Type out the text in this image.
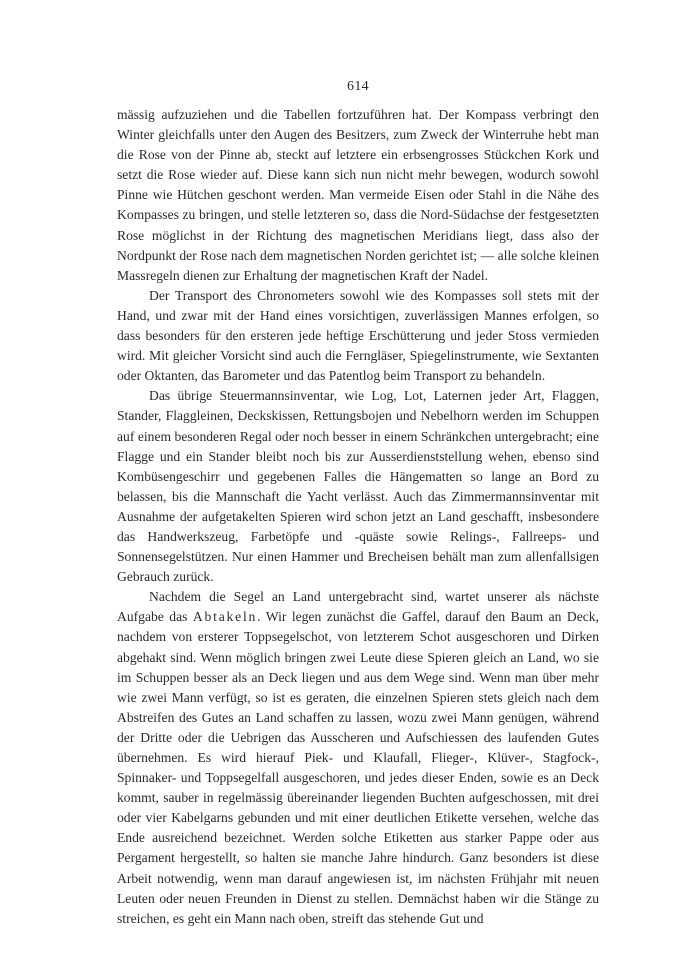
614

mässig aufzuziehen und die Tabellen fortzuführen hat. Der Kompass verbringt den Winter gleichfalls unter den Augen des Besitzers, zum Zweck der Winterruhe hebt man die Rose von der Pinne ab, steckt auf letztere ein erbsengrosses Stückchen Kork und setzt die Rose wieder auf. Diese kann sich nun nicht mehr bewegen, wodurch sowohl Pinne wie Hütchen geschont werden. Man vermeide Eisen oder Stahl in die Nähe des Kompasses zu bringen, und stelle letzteren so, dass die Nord-Südachse der festgesetzten Rose möglichst in der Richtung des magnetischen Meridians liegt, dass also der Nordpunkt der Rose nach dem magnetischen Norden gerichtet ist; — alle solche kleinen Massregeln dienen zur Erhaltung der magnetischen Kraft der Nadel.

Der Transport des Chronometers sowohl wie des Kompasses soll stets mit der Hand, und zwar mit der Hand eines vorsichtigen, zuverlässigen Mannes erfolgen, so dass besonders für den ersteren jede heftige Erschütterung und jeder Stoss vermieden wird. Mit gleicher Vorsicht sind auch die Ferngläser, Spiegelinstrumente, wie Sextanten oder Oktanten, das Barometer und das Patentlog beim Transport zu behandeln.

Das übrige Steuermannsinventar, wie Log, Lot, Laternen jeder Art, Flaggen, Stander, Flaggleinen, Deckskissen, Rettungsbojen und Nebelhorn werden im Schuppen auf einem besonderen Regal oder noch besser in einem Schränkchen untergebracht; eine Flagge und ein Stander bleibt noch bis zur Ausserdienststellung wehen, ebenso sind Kombüsengeschirr und gegebenen Falles die Hängematten so lange an Bord zu belassen, bis die Mannschaft die Yacht verlässt. Auch das Zimmermannsinventar mit Ausnahme der aufgetakelten Spieren wird schon jetzt an Land geschafft, insbesondere das Handwerkszeug, Farbetöpfe und -quäste sowie Relings-, Fallreeps- und Sonnensegelstützen. Nur einen Hammer und Brecheisen behält man zum allenfallsigen Gebrauch zurück.

Nachdem die Segel an Land untergebracht sind, wartet unserer als nächste Aufgabe das Abtakeln. Wir legen zunächst die Gaffel, darauf den Baum an Deck, nachdem von ersterer Toppsegelschot, von letzterem Schot ausgeschoren und Dirken abgehakt sind. Wenn möglich bringen zwei Leute diese Spieren gleich an Land, wo sie im Schuppen besser als an Deck liegen und aus dem Wege sind. Wenn man über mehr wie zwei Mann verfügt, so ist es geraten, die einzelnen Spieren stets gleich nach dem Abstreifen des Gutes an Land schaffen zu lassen, wozu zwei Mann genügen, während der Dritte oder die Uebrigen das Ausscheren und Aufschiessen des laufenden Gutes übernehmen. Es wird hierauf Piek- und Klaufall, Flieger-, Klüver-, Stagfock-, Spinnaker- und Toppsegelfall ausgeschoren, und jedes dieser Enden, sowie es an Deck kommt, sauber in regelmässig übereinander liegenden Buchten aufgeschossen, mit drei oder vier Kabelgarns gebunden und mit einer deutlichen Etikette versehen, welche das Ende ausreichend bezeichnet. Werden solche Etiketten aus starker Pappe oder aus Pergament hergestellt, so halten sie manche Jahre hindurch. Ganz besonders ist diese Arbeit notwendig, wenn man darauf angewiesen ist, im nächsten Frühjahr mit neuen Leuten oder neuen Freunden in Dienst zu stellen. Demnächst haben wir die Stänge zu streichen, es geht ein Mann nach oben, streift das stehende Gut und
